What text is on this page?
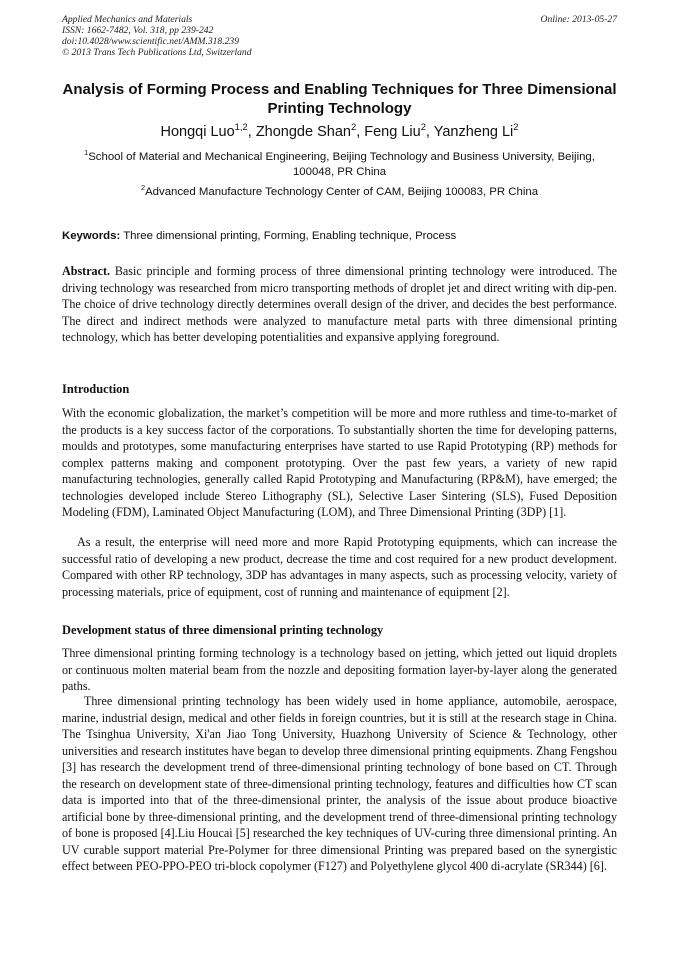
Applied Mechanics and Materials
ISSN: 1662-7482, Vol. 318, pp 239-242
doi:10.4028/www.scientific.net/AMM.318.239
© 2013 Trans Tech Publications Ltd, Switzerland
Online: 2013-05-27
Analysis of Forming Process and Enabling Techniques for Three Dimensional Printing Technology
Hongqi Luo$^{1,2}$, Zhongde Shan$^2$, Feng Liu$^2$, Yanzheng Li$^2$
$^1$School of Material and Mechanical Engineering, Beijing Technology and Business University, Beijing, 100048, PR China
$^2$Advanced Manufacture Technology Center of CAM, Beijing 100083, PR China
Keywords: Three dimensional printing, Forming, Enabling technique, Process
Abstract. Basic principle and forming process of three dimensional printing technology were introduced. The driving technology was researched from micro transporting methods of droplet jet and direct writing with dip-pen. The choice of drive technology directly determines overall design of the driver, and decides the best performance. The direct and indirect methods were analyzed to manufacture metal parts with three dimensional printing technology, which has better developing potentialities and expansive applying foreground.
Introduction
With the economic globalization, the market’s competition will be more and more ruthless and time-to-market of the products is a key success factor of the corporations. To substantially shorten the time for developing patterns, moulds and prototypes, some manufacturing enterprises have started to use Rapid Prototyping (RP) methods for complex patterns making and component prototyping. Over the past few years, a variety of new rapid manufacturing technologies, generally called Rapid Prototyping and Manufacturing (RP&M), have emerged; the technologies developed include Stereo Lithography (SL), Selective Laser Sintering (SLS), Fused Deposition Modeling (FDM), Laminated Object Manufacturing (LOM), and Three Dimensional Printing (3DP) [1].
As a result, the enterprise will need more and more Rapid Prototyping equipments, which can increase the successful ratio of developing a new product, decrease the time and cost required for a new product development. Compared with other RP technology, 3DP has advantages in many aspects, such as processing velocity, variety of processing materials, price of equipment, cost of running and maintenance of equipment [2].
Development status of three dimensional printing technology
Three dimensional printing forming technology is a technology based on jetting, which jetted out liquid droplets or continuous molten material beam from the nozzle and depositing formation layer-by-layer along the generated paths.
Three dimensional printing technology has been widely used in home appliance, automobile, aerospace, marine, industrial design, medical and other fields in foreign countries, but it is still at the research stage in China. The Tsinghua University, Xi'an Jiao Tong University, Huazhong University of Science & Technology, other universities and research institutes have began to develop three dimensional printing equipments. Zhang Fengshou [3] has research the development trend of three-dimensional printing technology of bone based on CT. Through the research on development state of three-dimensional printing technology, features and difficulties how CT scan data is imported into that of the three-dimensional printer, the analysis of the issue about produce bioactive artificial bone by three-dimensional printing, and the development trend of three-dimensional printing technology of bone is proposed [4].Liu Houcai [5] researched the key techniques of UV-curing three dimensional printing. An UV curable support material Pre-Polymer for three dimensional Printing was prepared based on the synergistic effect between PEO-PPO-PEO tri-block copolymer (F127) and Polyethylene glycol 400 di-acrylate (SR344) [6].
